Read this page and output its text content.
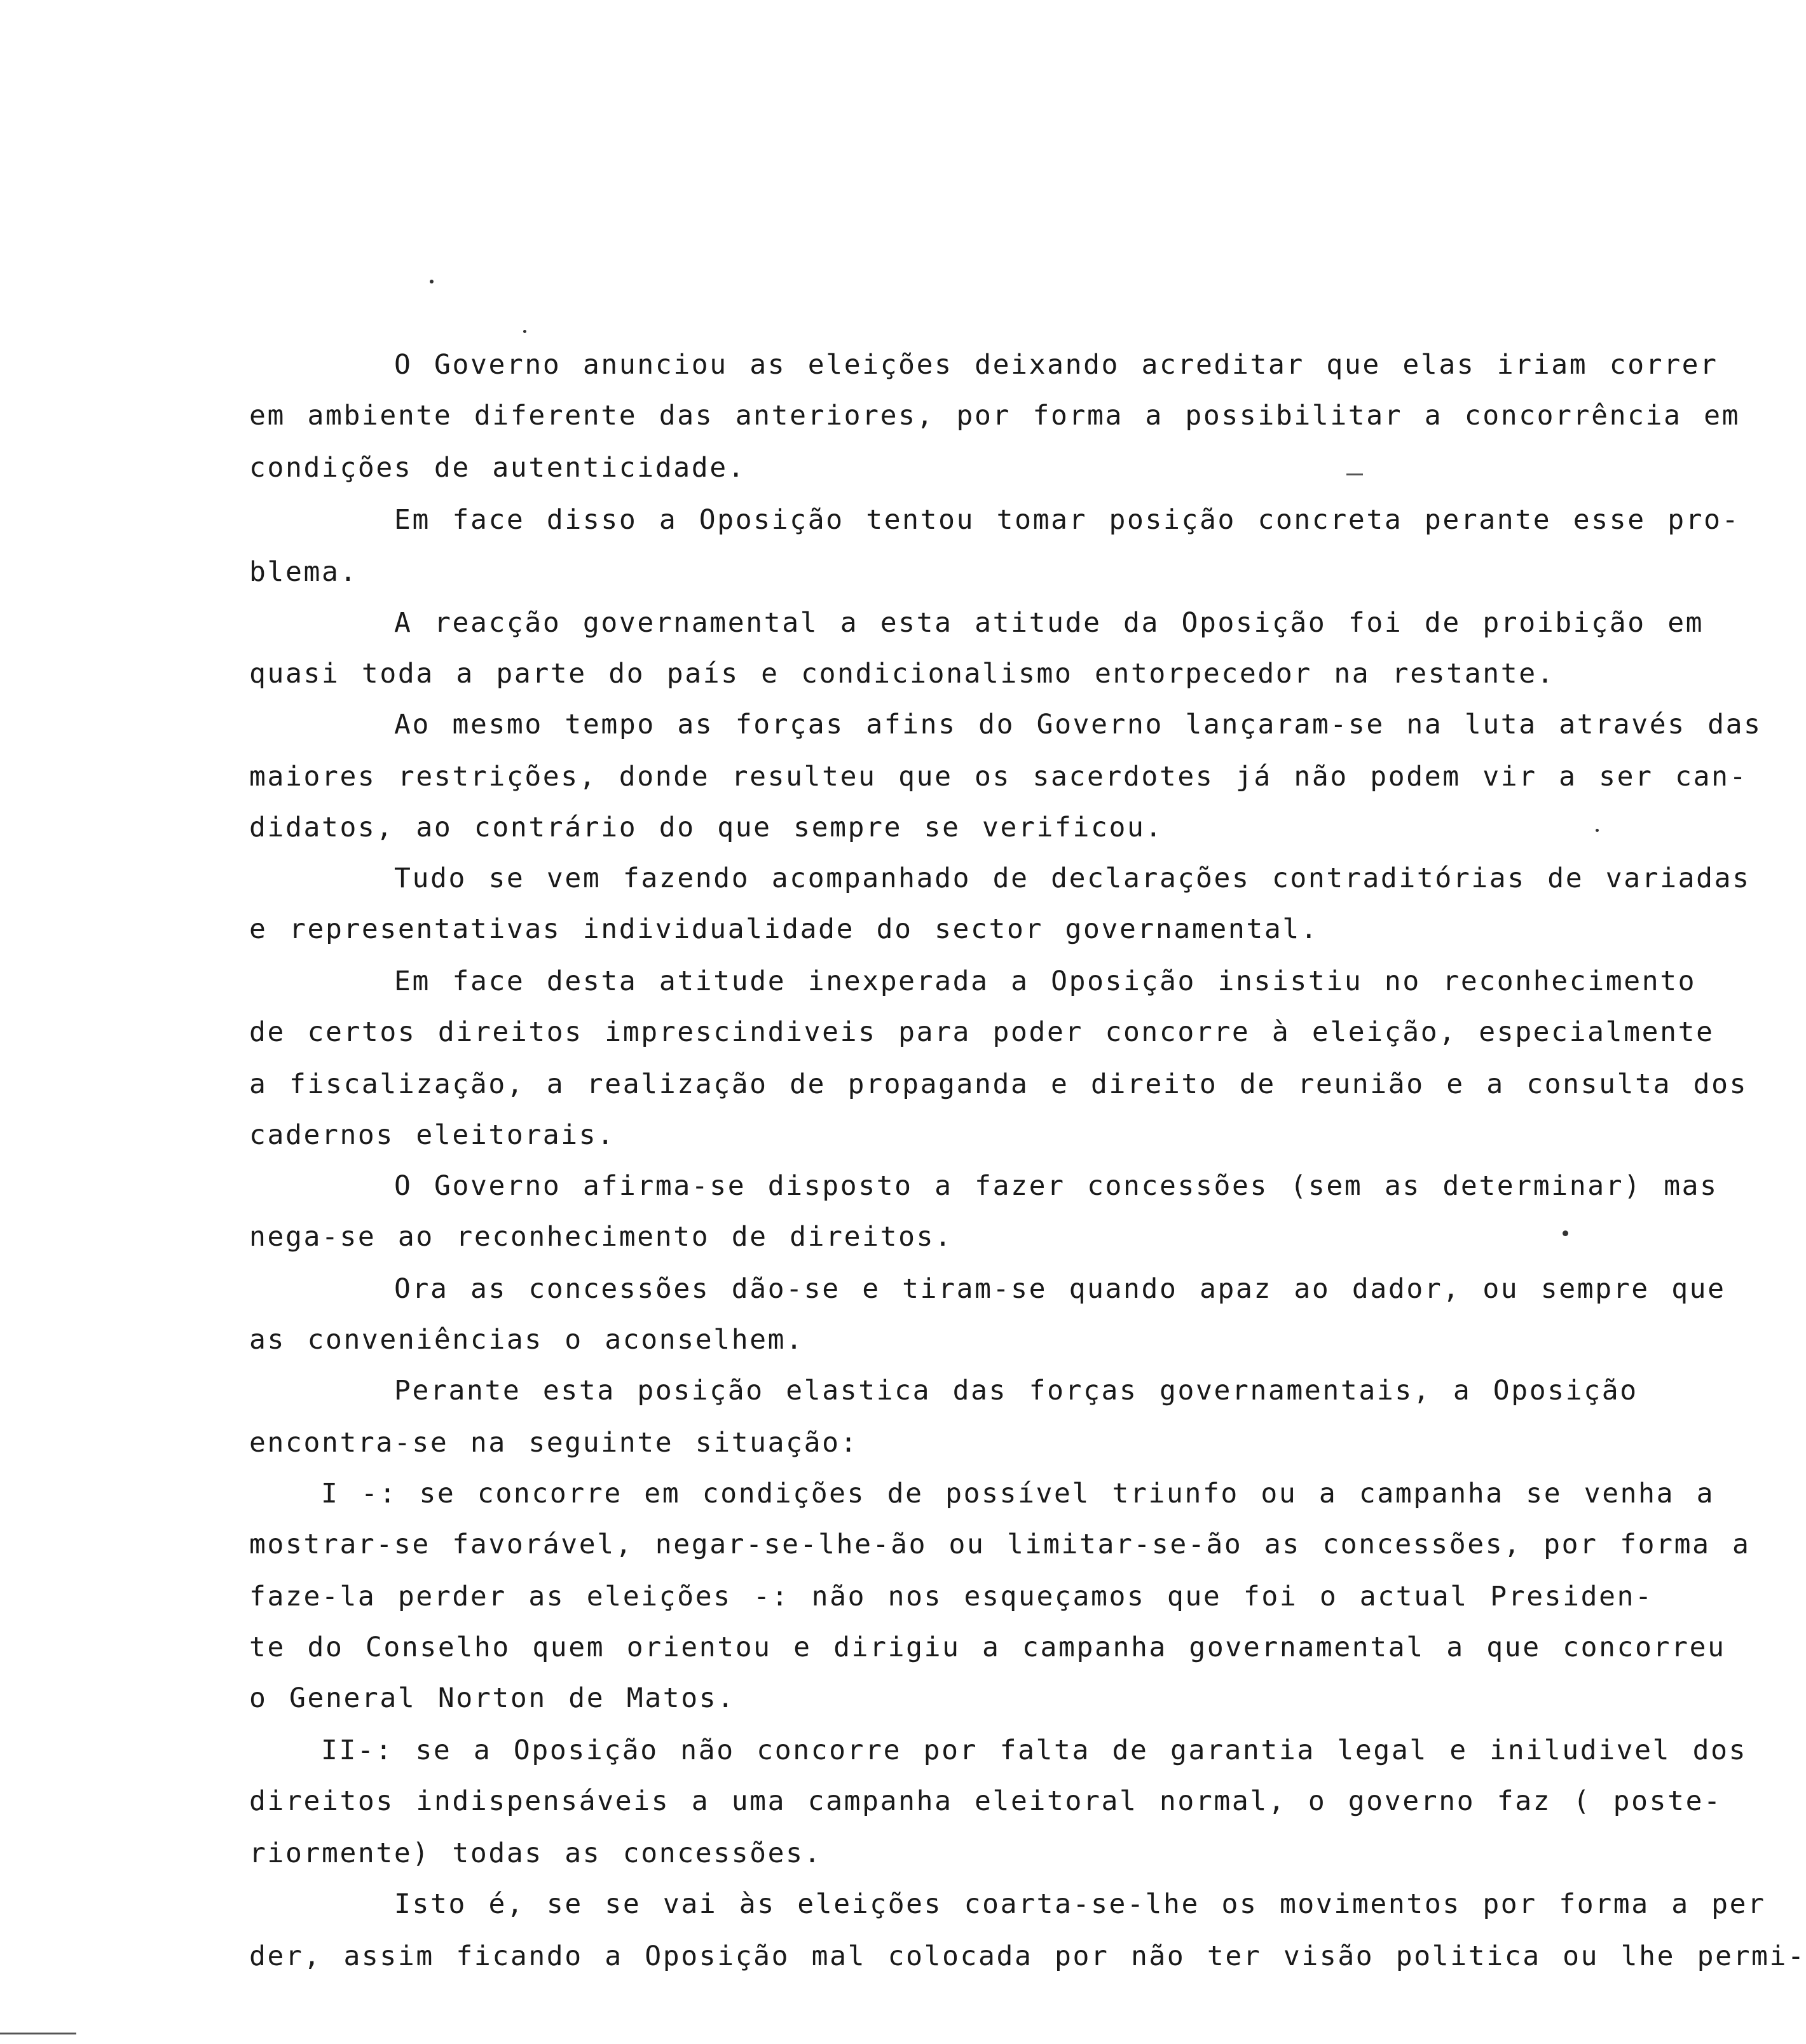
O Governo anunciou as eleições deixando acreditar que elas iriam correr

em ambiente diferente das anteriores, por forma a possibilitar a concorrência em

condições de autenticidade.

Em face disso a Oposição tentou tomar posição concreta perante esse pro-

blema.

A reacção governamental a esta atitude da Oposição foi de proibição em

quasi toda a parte do país e condicionalismo entorpecedor na restante.

Ao mesmo tempo as forças afins do Governo lançaram-se na luta através das

maiores restrições, donde resulteu que os sacerdotes já não podem vir a ser can-

didatos, ao contrário do que sempre se verificou.

Tudo se vem fazendo acompanhado de declarações contraditórias de variadas

e representativas individualidade do sector governamental.

Em face desta atitude inexperada a Oposição insistiu no reconhecimento

de certos direitos imprescindiveis para poder concorre à eleição, especialmente

a fiscalização, a realização de propaganda e direito de reunião e a consulta dos

cadernos eleitorais.

O Governo afirma-se disposto a fazer concessões (sem as determinar) mas

nega-se ao reconhecimento de direitos.

Ora as concessões dão-se e tiram-se quando apaz ao dador, ou sempre que

as conveniências o aconselhem.

Perante esta posição elastica das forças governamentais, a Oposição

encontra-se na seguinte situação:

I -: se concorre em condições de possível triunfo ou a campanha se venha a

mostrar-se favorável, negar-se-lhe-ão ou limitar-se-ão as concessões, por forma a

faze-la perder as eleições -: não nos esqueçamos que foi o actual Presiden-

te do Conselho quem orientou e dirigiu a campanha governamental a que concorreu

o General Norton de Matos.

II-: se a Oposição não concorre por falta de garantia legal e iniludivel dos

direitos indispensáveis a uma campanha eleitoral normal, o governo faz ( poste-

riormente) todas as concessões.

Isto é, se se vai às eleições coarta-se-lhe os movimentos por forma a per

der, assim ficando a Oposição mal colocada por não ter visão politica ou lhe permi-
